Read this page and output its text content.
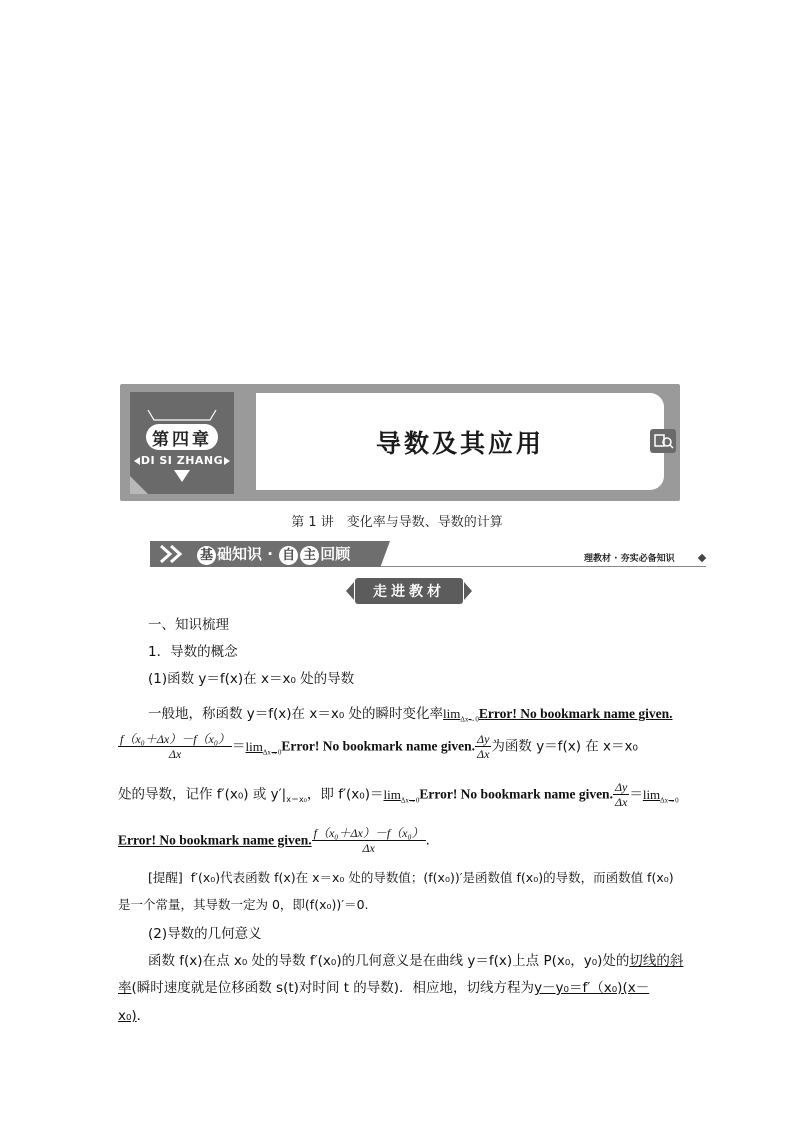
第四章
DI SI ZHANG
导数及其应用
第 1 讲　变化率与导数、导数的计算
基 础知识 · 自 主 回顾	理教材 · 夯实必备知识
走进教材
一、知识梳理
1．导数的概念
(1)函数 y＝f(x)在 x＝x₀ 处的导数
一般地，称函数 y＝f(x)在 x＝x₀ 处的瞬时变化率$\lim_{\Delta x\to 0}Error$! No bookmark name given.
$\frac{\text{f（x₀＋Δx）－f（x₀）}}{\Delta x}$ $=\lim_{\Delta x\to 0}Error$! No bookmark name given. $\frac{\Delta y}{\Delta x}$ 为函数 y＝f(x) 在 x＝x₀
处的导数，记作 f′(x₀) 或 $y'|_{x=x_0}$，即 $f'(x_0)=\lim_{\Delta x\to 0}Error$! No bookmark name given. $\frac{\Delta y}{\Delta x} =\lim_{\Delta x\to 0}$
Error! No bookmark name given. $\frac{\text{f（x₀＋Δx）－f（x₀）}}{\Delta x}$ .
[提醒] f′(x₀)代表函数 f(x)在 x＝x₀ 处的导数值；(f(x₀))′是函数值 f(x₀)的导数，而函数值 f(x₀)
是一个常量，其导数一定为 0，即(f(x₀))′＝0.
(2)导数的几何意义
函数 f(x)在点 x₀ 处的导数 f′(x₀)的几何意义是在曲线 y＝f(x)上点 P(x₀，y₀)处的切线的斜
率(瞬时速度就是位移函数 s(t)对时间 t 的导数)．相应地，切线方程为y－y₀＝f′（x₀)(x－
x₀)．
